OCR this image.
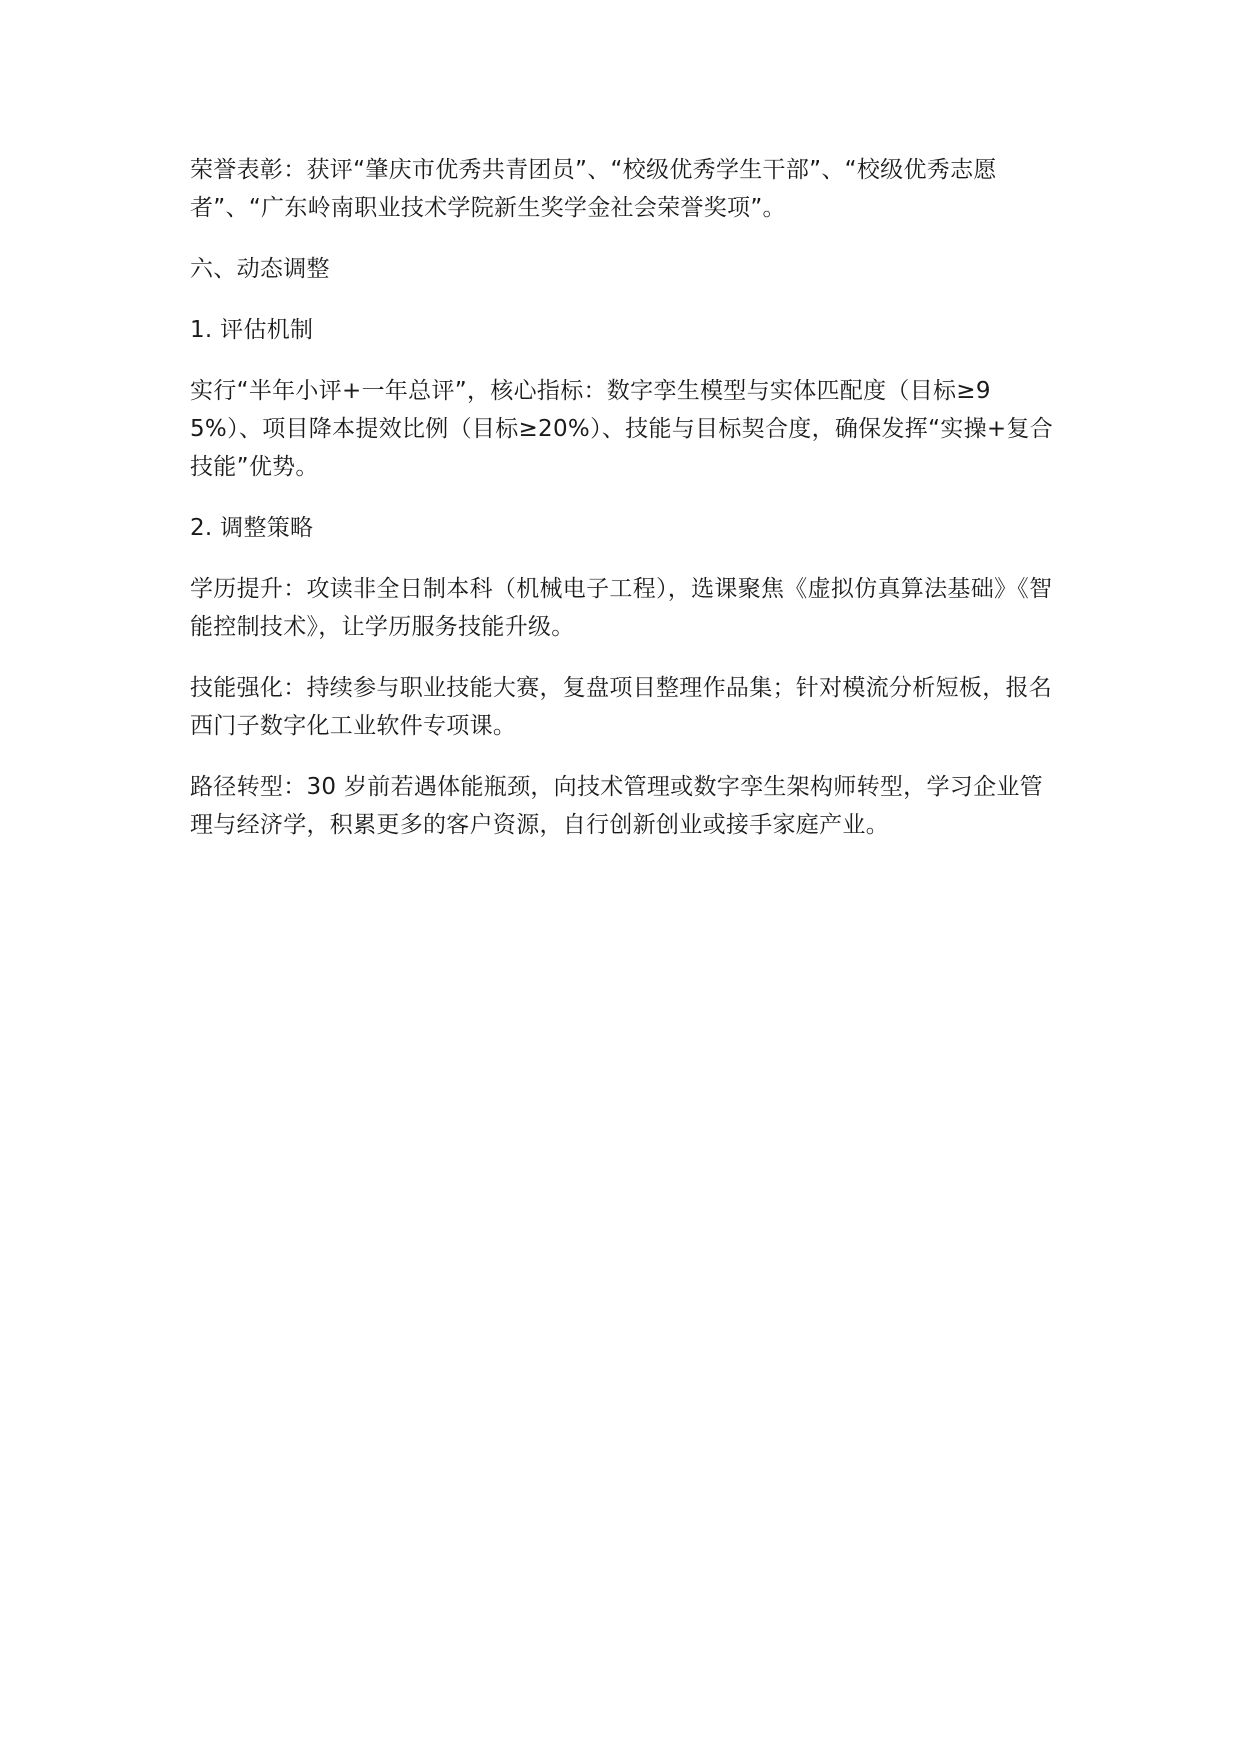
荣誉表彰：获评“肇庆市优秀共青团员”、“校级优秀学生干部”、“校级优秀志愿者”、“广东岭南职业技术学院新生奖学金社会荣誉奖项”。

六、动态调整

1. 评估机制

实行“半年小评+一年总评”，核心指标：数字孪生模型与实体匹配度（目标≥95%）、项目降本提效比例（目标≥20%）、技能与目标契合度，确保发挥“实操+复合技能”优势。

2. 调整策略

学历提升：攻读非全日制本科（机械电子工程），选课聚焦《虚拟仿真算法基础》《智能控制技术》，让学历服务技能升级。

技能强化：持续参与职业技能大赛，复盘项目整理作品集；针对模流分析短板，报名西门子数字化工业软件专项课。

路径转型：30 岁前若遇体能瓶颈，向技术管理或数字孪生架构师转型，学习企业管理与经济学，积累更多的客户资源，自行创新创业或接手家庭产业。
